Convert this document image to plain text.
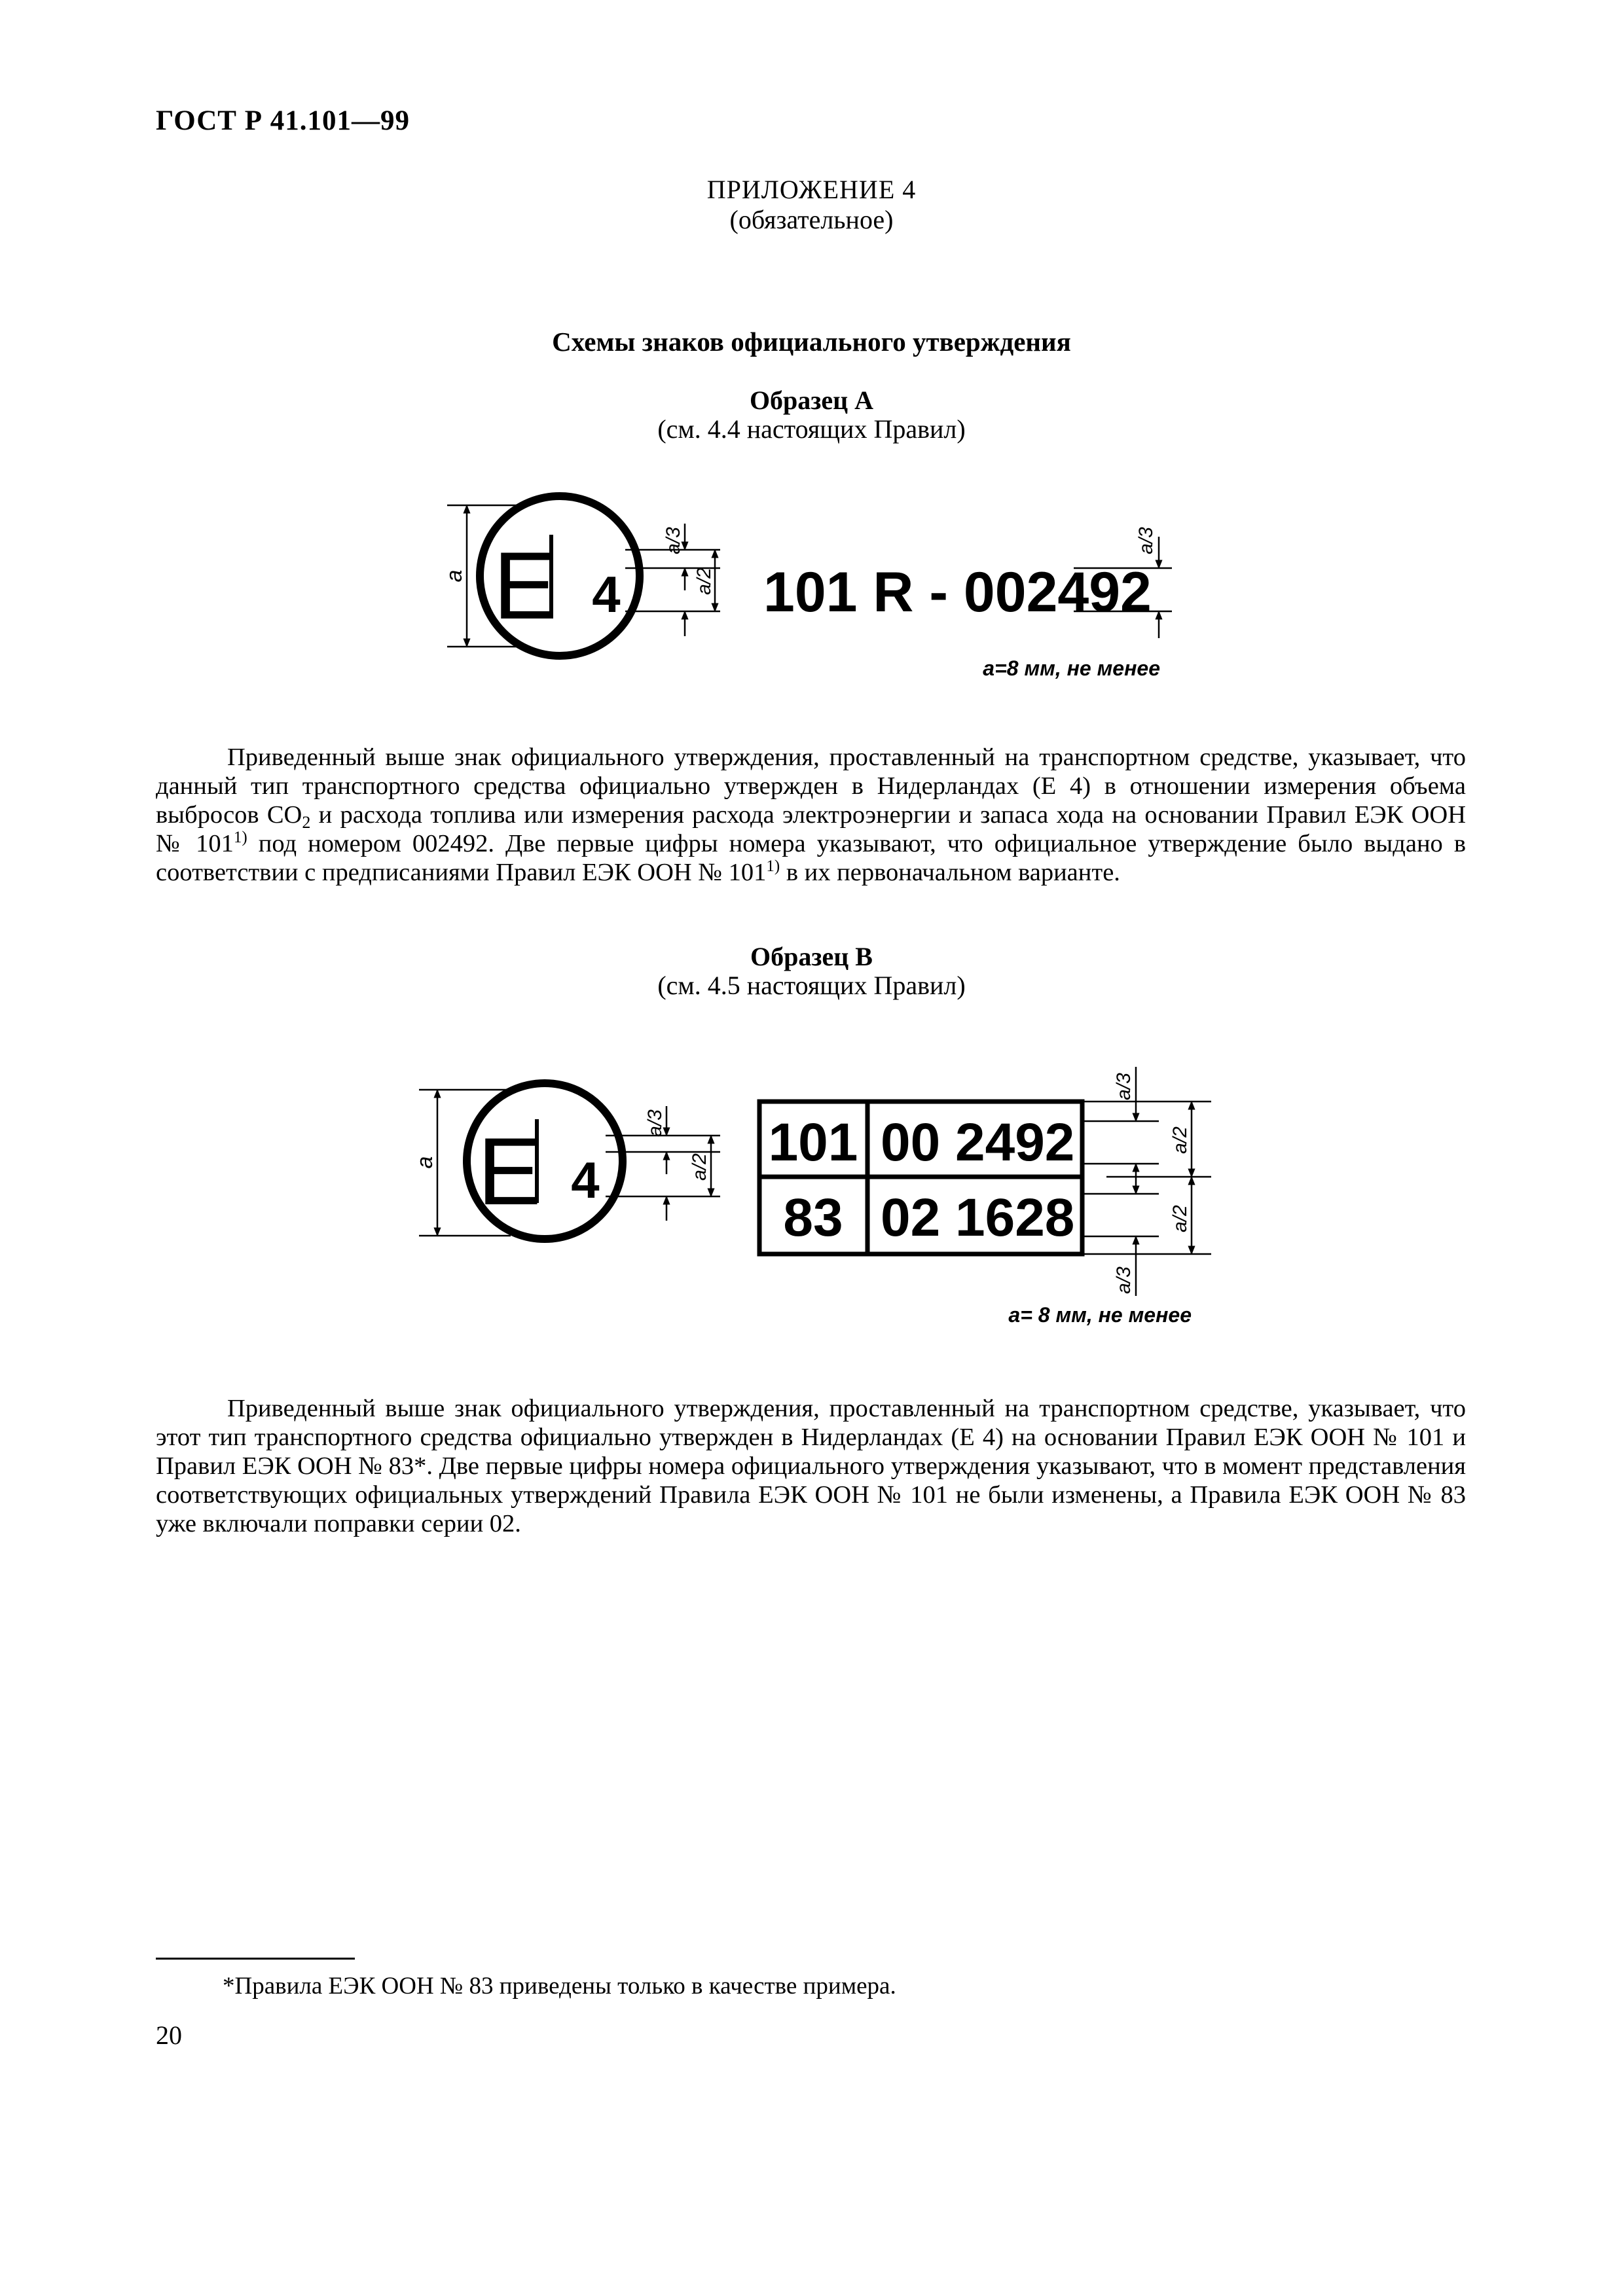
ГОСТ Р 41.101—99
ПРИЛОЖЕНИЕ 4
(обязательное)
Схемы знаков официального утверждения
Образец А
(см. 4.4 настоящих Правил)
E 4
a
a/3
a/2 101 R - 002492
a/3
a=8 мм, не менее

Приведенный выше знак официального утверждения, проставленный на транспортном средстве, указывает, что данный тип транспортного средства официально утвержден в Нидерландах (Е 4) в отношении измерения объема выбросов $CO_2$ и расхода топлива или измерения расхода электроэнергии и запаса хода на основании Правил ЕЭК ООН № 101$^{1)}$ под номером 002492. Две первые цифры номера указывают, что официальное утверждение было выдано в соответствии с предписаниями Правил ЕЭК ООН № 101$^{1)}$ в их первоначальном варианте.

Образец В
(см. 4.5 настоящих Правил)
E 4
a
a/3
a/2 101 00 2492
83 02 1628
a/3
a/2
a/2
a/3
a= 8 мм, не менее

Приведенный выше знак официального утверждения, проставленный на транспортном средстве, указывает, что этот тип транспортного средства официально утвержден в Нидерландах (Е 4) на основании Правил ЕЭК ООН № 101 и Правил ЕЭК ООН № 83*. Две первые цифры номера официального утверждения указывают, что в момент представления соответствующих официальных утверждений Правила ЕЭК ООН № 101 не были изменены, а Правила ЕЭК ООН № 83 уже включали поправки серии 02.

*Правила ЕЭК ООН № 83 приведены только в качестве примера.
20
